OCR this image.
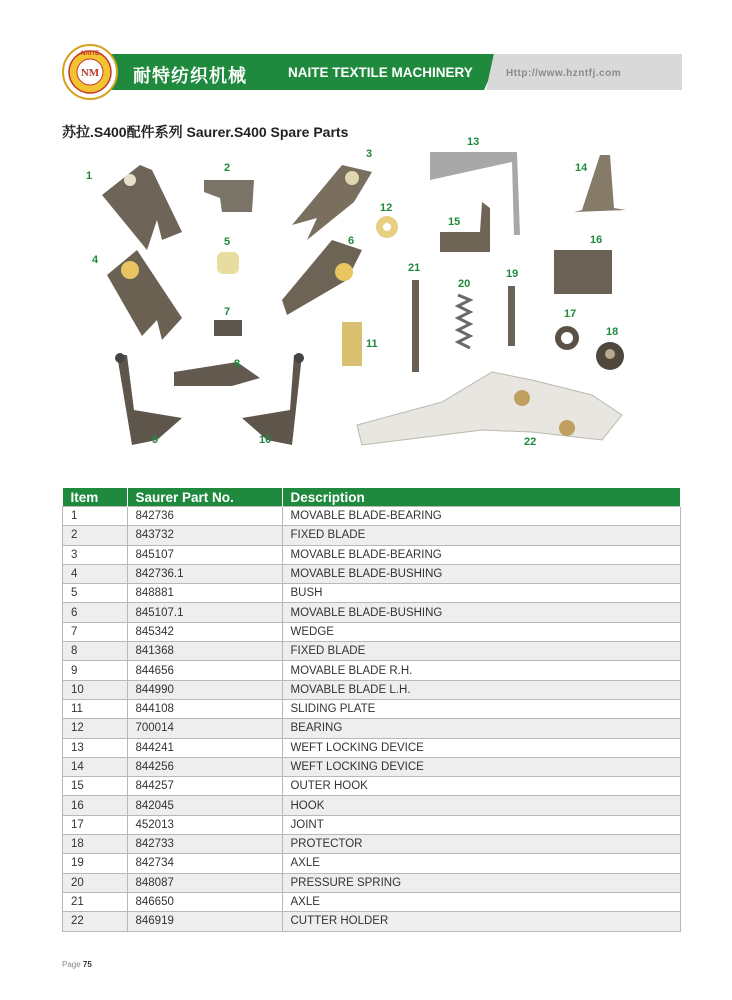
NM
NAITE
耐特纺织机械	NAITE TEXTILE MACHINERY	Http://www.hzntfj.com
苏拉.S400配件系列 Saurer.S400 Spare Parts
1
2
3
4
5	6
7
8
9	10
11
12
13
14
15
16
17
18
19
20
21
22
Item	Saurer Part No.	Description
1	842736	MOVABLE BLADE-BEARING
2	843732	FIXED BLADE
3	845107	MOVABLE BLADE-BEARING
4	842736.1	MOVABLE BLADE-BUSHING
5	848881	BUSH
6	845107.1	MOVABLE BLADE-BUSHING
7	845342	WEDGE
8	841368	FIXED BLADE
9	844656	MOVABLE BLADE R.H.
10	844990	MOVABLE BLADE L.H.
11	844108	SLIDING PLATE
12	700014	BEARING
13	844241	WEFT LOCKING DEVICE
14	844256	WEFT LOCKING DEVICE
15	844257	OUTER HOOK
16	842045	HOOK
17	452013	JOINT
18	842733	PROTECTOR
19	842734	AXLE
20	848087	PRESSURE SPRING
21	846650	AXLE
22	846919	CUTTER HOLDER
Page 75
